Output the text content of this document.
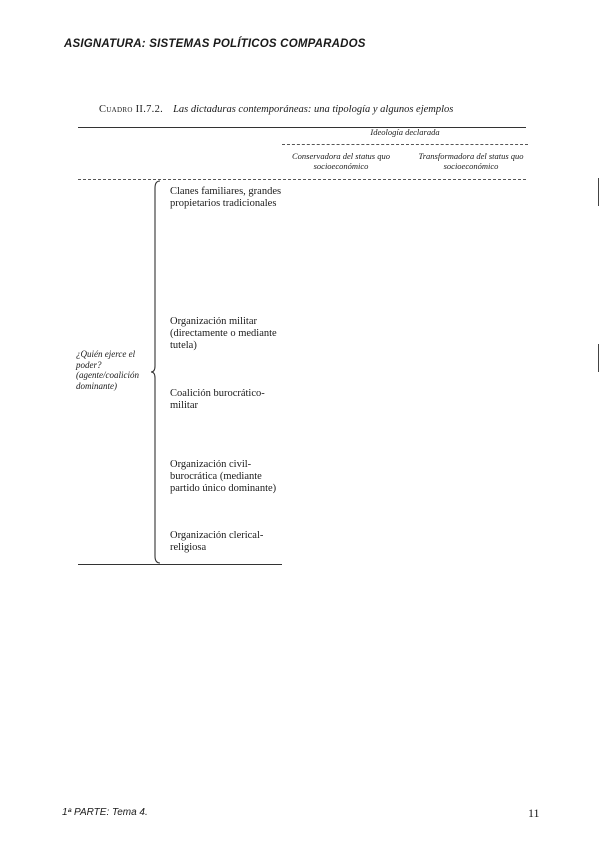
ASIGNATURA: SISTEMAS POLÍTICOS COMPARADOS
Cuadro II.7.2. Las dictaduras contemporáneas: una tipología y algunos ejemplos
Ideología declarada
Conservadora del status quo socioeconómico
Transformadora del status quo socioeconómico
¿Quién ejerce el poder? (agente/coalición dominante)
Clanes familiares, grandes propietarios tradicionales
Organización militar (directamente o mediante tutela)
Coalición burocrático-militar
Organización civil-burocrática (mediante partido único dominante)
Organización clerical-religiosa
1ª PARTE: Tema 4.	11
